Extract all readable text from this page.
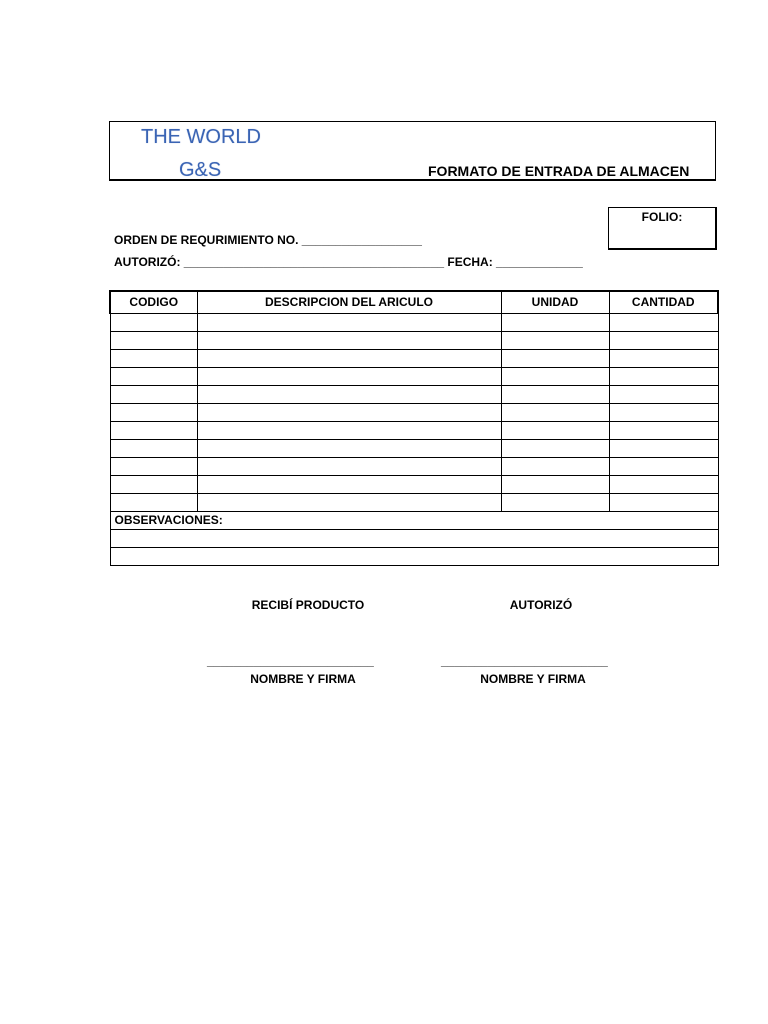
THE WORLD
G&S	FORMATO DE ENTRADA DE ALMACEN
FOLIO:
ORDEN DE REQURIMIENTO NO. __________________
AUTORIZÓ: _______________________________________ FECHA: _____________
CODIGO	DESCRIPCION DEL ARICULO	UNIDAD	CANTIDAD

OBSERVACIONES:			

RECIBÍ PRODUCTO	AUTORIZÓ
_________________________	_________________________
NOMBRE Y FIRMA	NOMBRE Y FIRMA
